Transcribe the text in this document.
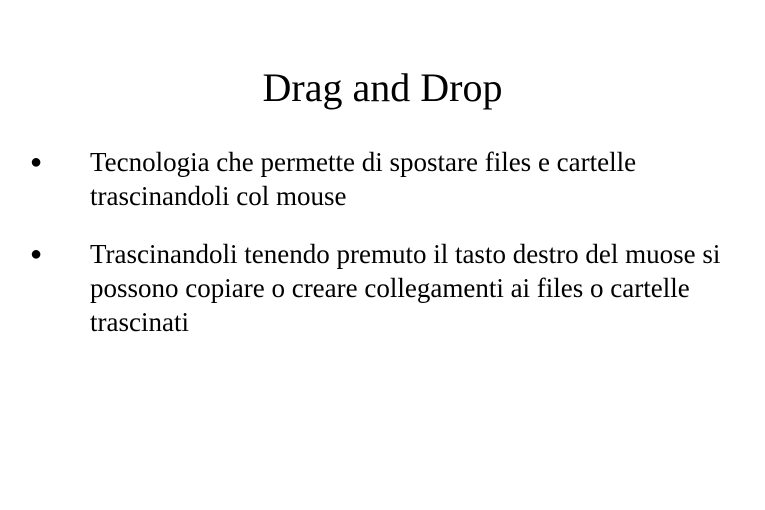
Drag and Drop
● Tecnologia che permette di spostare files e cartelle trascinandoli col mouse
● Trascinandoli tenendo premuto il tasto destro del muose si possono copiare o creare collegamenti ai files o cartelle trascinati
